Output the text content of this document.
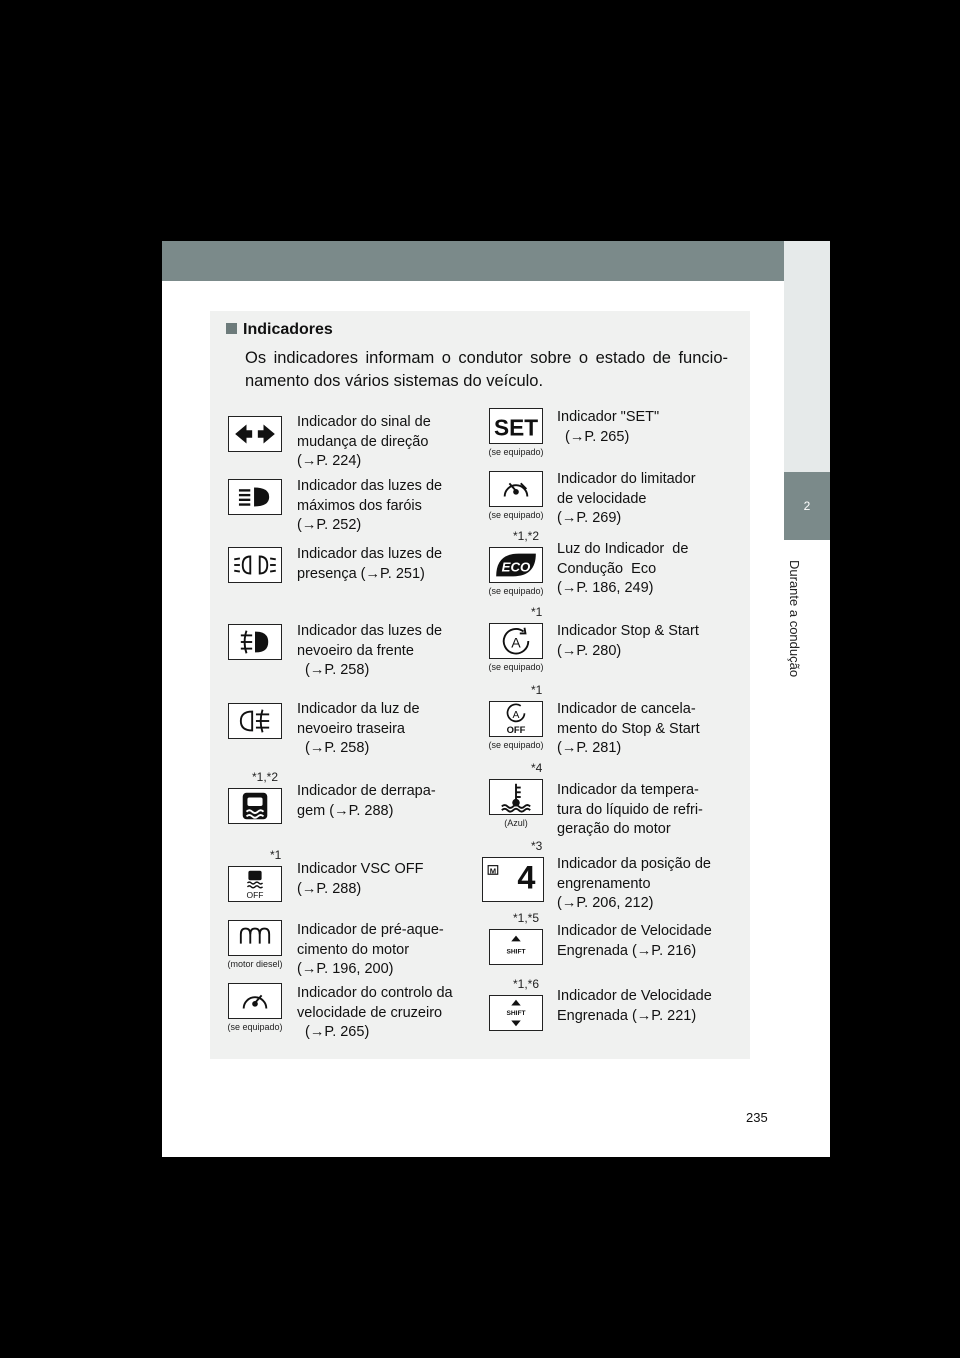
2
Durante a condução
Indicadores
Os indicadores informam o condutor sobre o estado de funcio- namento dos vários sistemas do veículo.
Indicador do sinal de
mudança de direção
(→P. 224)
Indicador das luzes de
máximos dos faróis
(→P. 252)
Indicador das luzes de
presença (→P. 251)
Indicador das luzes de
nevoeiro da frente
(→P. 258)
Indicador da luz de
nevoeiro traseira
(→P. 258)
*1,*2
Indicador de derrapa-
gem (→P. 288)
OFF
*1
Indicador VSC OFF
(→P. 288)
(motor diesel)
Indicador de pré-aque-
cimento do motor
(→P. 196, 200)
(se equipado)
Indicador do controlo da
velocidade de cruzeiro
(→P. 265)
SET
(se equipado)
Indicador "SET"
(→P. 265)
(se equipado)
Indicador do limitador
de velocidade
(→P. 269)
ECO
(se equipado)
*1,*2
Luz do Indicador  de
Condução  Eco
(→P. 186, 249)
A
(se equipado)
*1
Indicador Stop & Start
(→P. 280)
A
OFF
(se equipado)
*1
Indicador de cancela-
mento do Stop & Start
(→P. 281)
(Azul)
*4
Indicador da tempera-
tura do líquido de refri-
geração do motor
M 4
*3
Indicador da posição de
engrenamento
(→P. 206, 212)
SHIFT
*1,*5
Indicador de Velocidade
Engrenada (→P. 216)
SHIFT
*1,*6
Indicador de Velocidade
Engrenada (→P. 221)
235
